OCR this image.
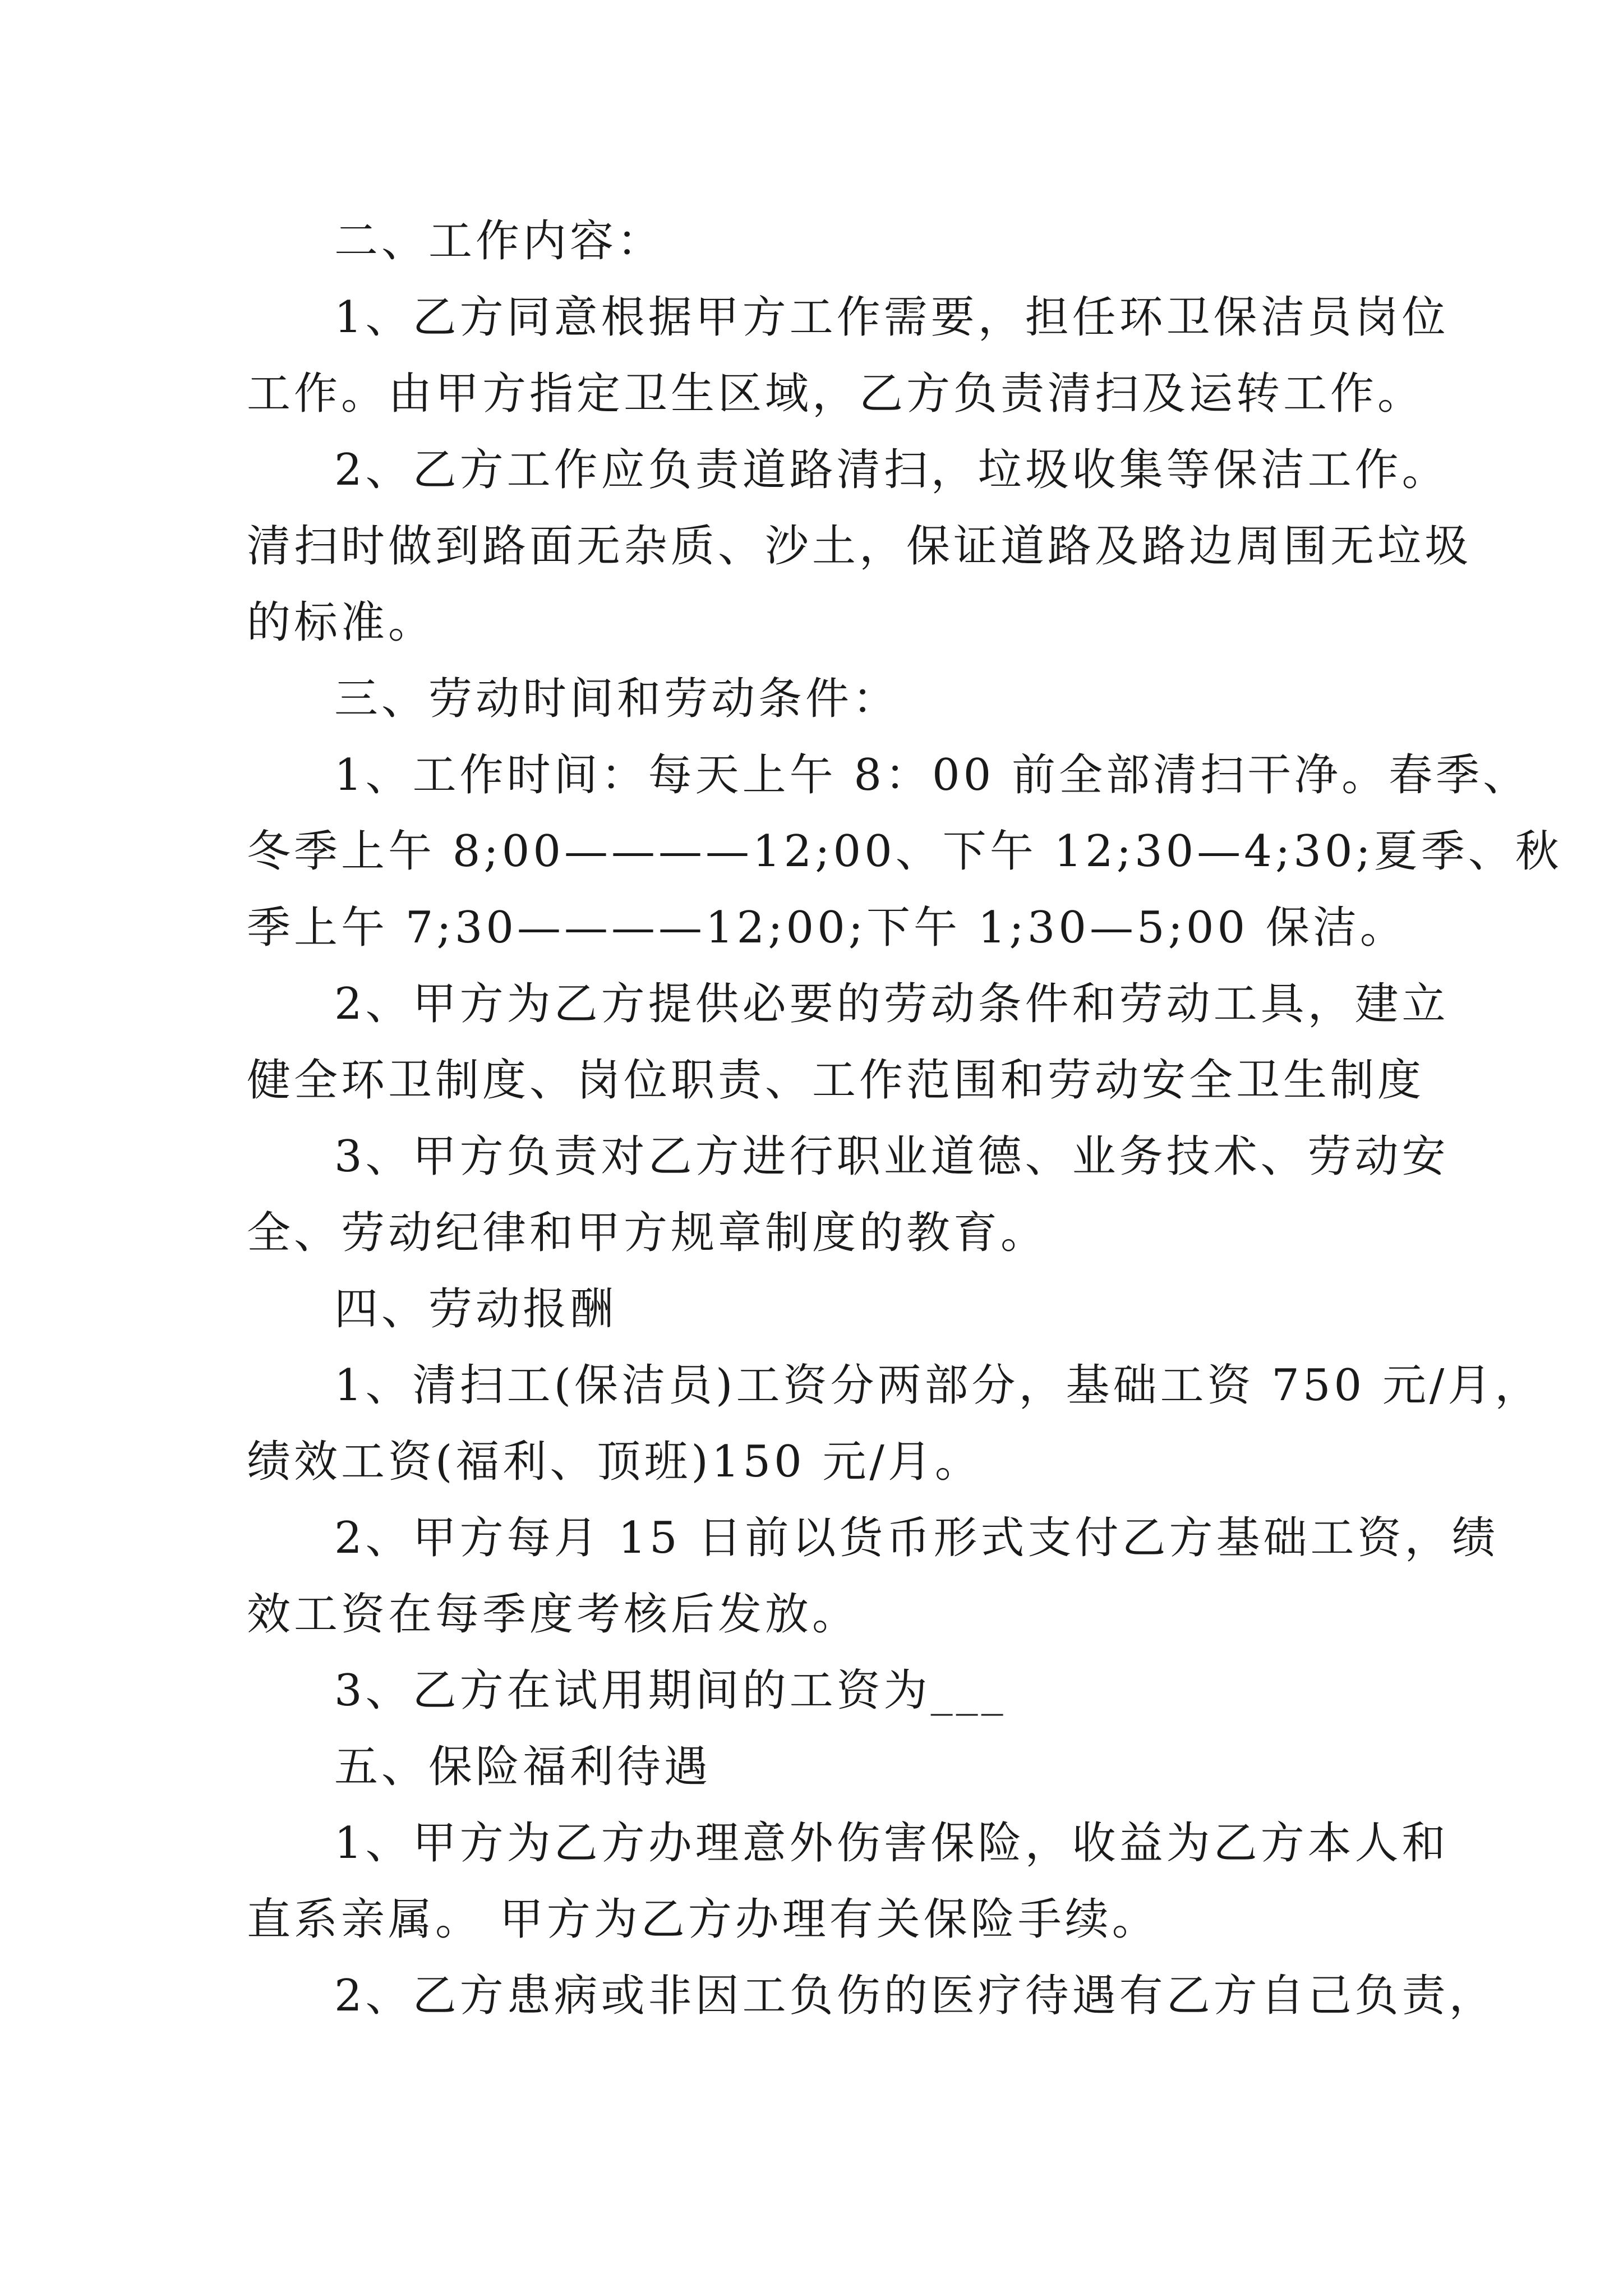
二、工作内容：
1、乙方同意根据甲方工作需要，担任环卫保洁员岗位
工作。由甲方指定卫生区域，乙方负责清扫及运转工作。
2、乙方工作应负责道路清扫，垃圾收集等保洁工作。
清扫时做到路面无杂质、沙土，保证道路及路边周围无垃圾
的标准。
三、劳动时间和劳动条件：
1、工作时间：每天上午 8：00 前全部清扫干净。春季、
冬季上午 8;00————12;00、下午 12;30—4;30;夏季、秋
季上午 7;30————12;00;下午 1;30—5;00 保洁。
2、甲方为乙方提供必要的劳动条件和劳动工具，建立
健全环卫制度、岗位职责、工作范围和劳动安全卫生制度
3、甲方负责对乙方进行职业道德、业务技术、劳动安
全、劳动纪律和甲方规章制度的教育。
四、劳动报酬
1、清扫工(保洁员)工资分两部分，基础工资 750 元/月，
绩效工资(福利、顶班)150 元/月。
2、甲方每月 15 日前以货币形式支付乙方基础工资，绩
效工资在每季度考核后发放。
3、乙方在试用期间的工资为___
五、保险福利待遇
1、甲方为乙方办理意外伤害保险，收益为乙方本人和
直系亲属。 甲方为乙方办理有关保险手续。
2、乙方患病或非因工负伤的医疗待遇有乙方自己负责，
